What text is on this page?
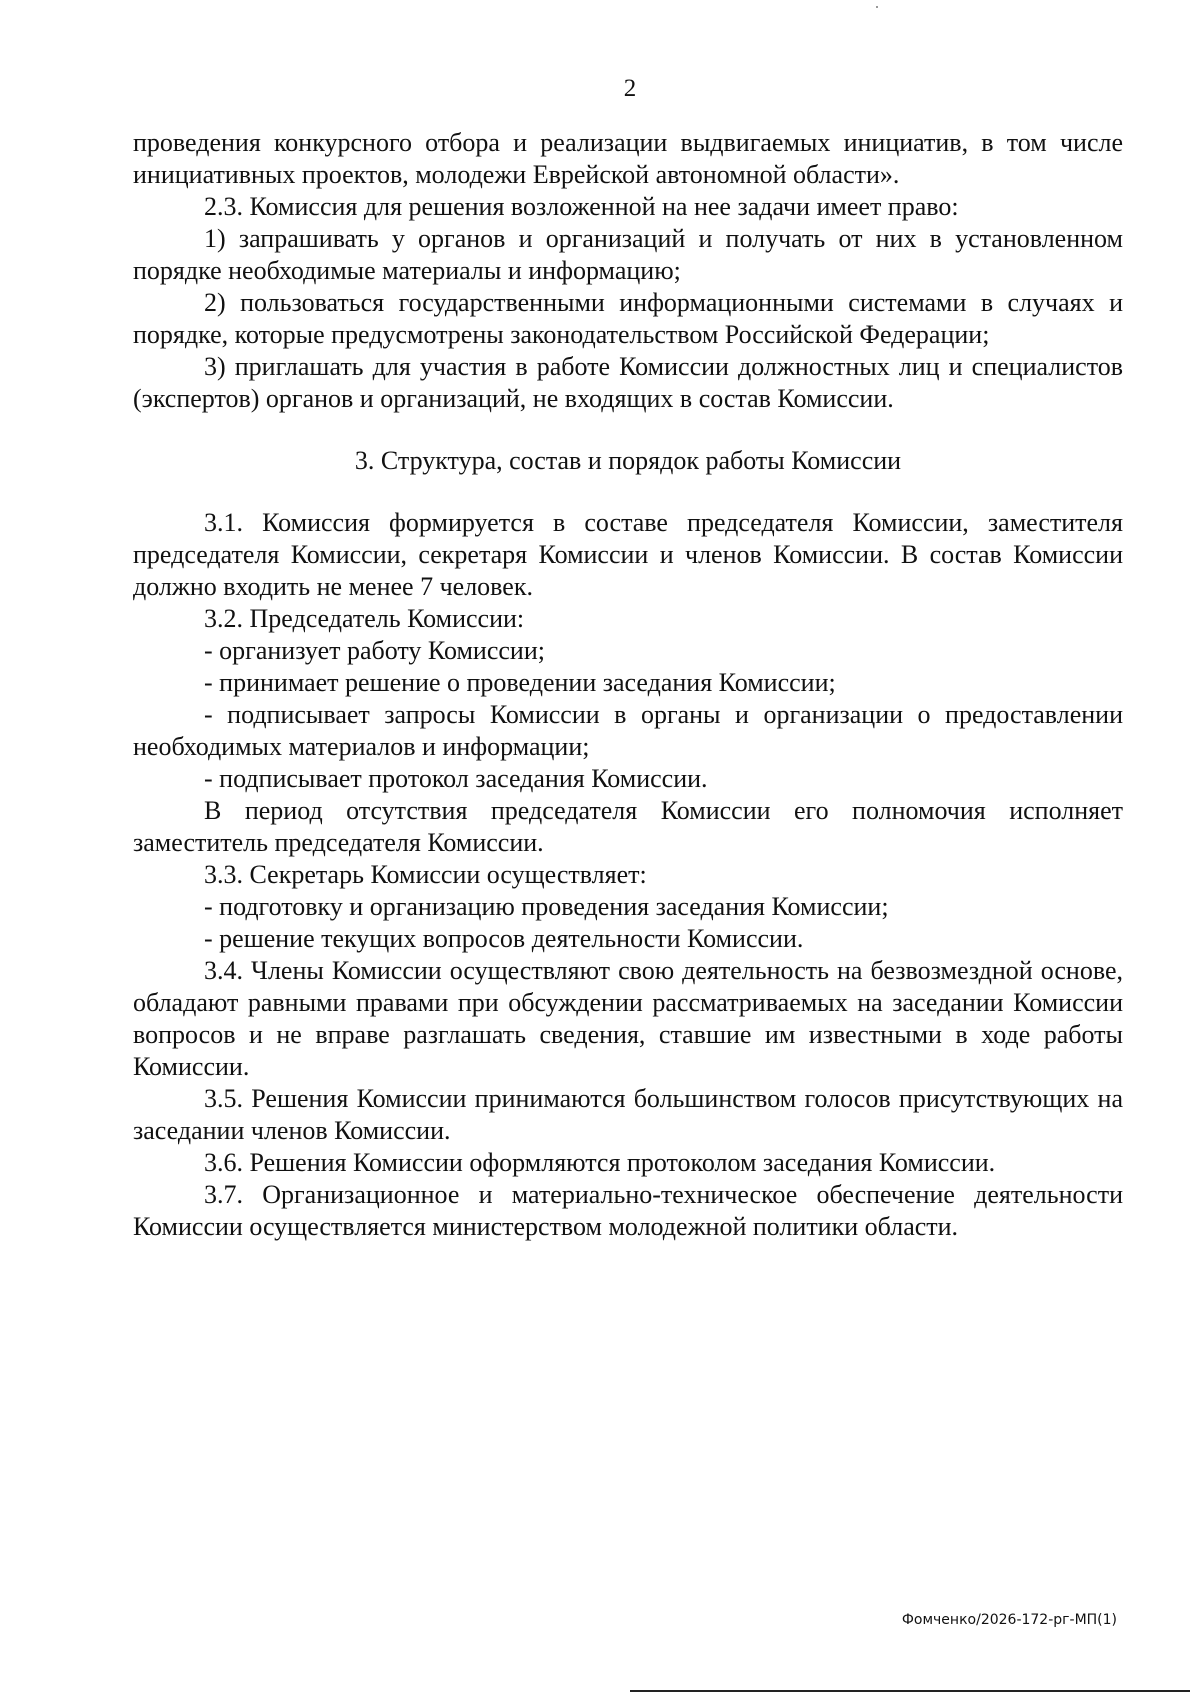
2

проведения конкурсного отбора и реализации выдвигаемых инициатив, в том числе инициативных проектов, молодежи Еврейской автономной области».

2.3. Комиссия для решения возложенной на нее задачи имеет право:

1) запрашивать у органов и организаций и получать от них в установленном порядке необходимые материалы и информацию;

2) пользоваться государственными информационными системами в случаях и порядке, которые предусмотрены законодательством Российской Федерации;

3) приглашать для участия в работе Комиссии должностных лиц и специалистов (экспертов) органов и организаций, не входящих в состав Комиссии.

3. Структура, состав и порядок работы Комиссии

3.1. Комиссия формируется в составе председателя Комиссии, заместителя председателя Комиссии, секретаря Комиссии и членов Комиссии. В состав Комиссии должно входить не менее 7 человек.

3.2. Председатель Комиссии:

- организует работу Комиссии;

- принимает решение о проведении заседания Комиссии;

- подписывает запросы Комиссии в органы и организации о предоставлении необходимых материалов и информации;

- подписывает протокол заседания Комиссии.

В период отсутствия председателя Комиссии его полномочия исполняет заместитель председателя Комиссии.

3.3. Секретарь Комиссии осуществляет:

- подготовку и организацию проведения заседания Комиссии;

- решение текущих вопросов деятельности Комиссии.

3.4. Члены Комиссии осуществляют свою деятельность на безвозмездной основе, обладают равными правами при обсуждении рассматриваемых на заседании Комиссии вопросов и не вправе разглашать сведения, ставшие им известными в ходе работы Комиссии.

3.5. Решения Комиссии принимаются большинством голосов присутствующих на заседании членов Комиссии.

3.6. Решения Комиссии оформляются протоколом заседания Комиссии.

3.7. Организационное и материально-техническое обеспечение деятельности Комиссии осуществляется министерством молодежной политики области.

Фомченко/2026-172-рг-МП(1)
